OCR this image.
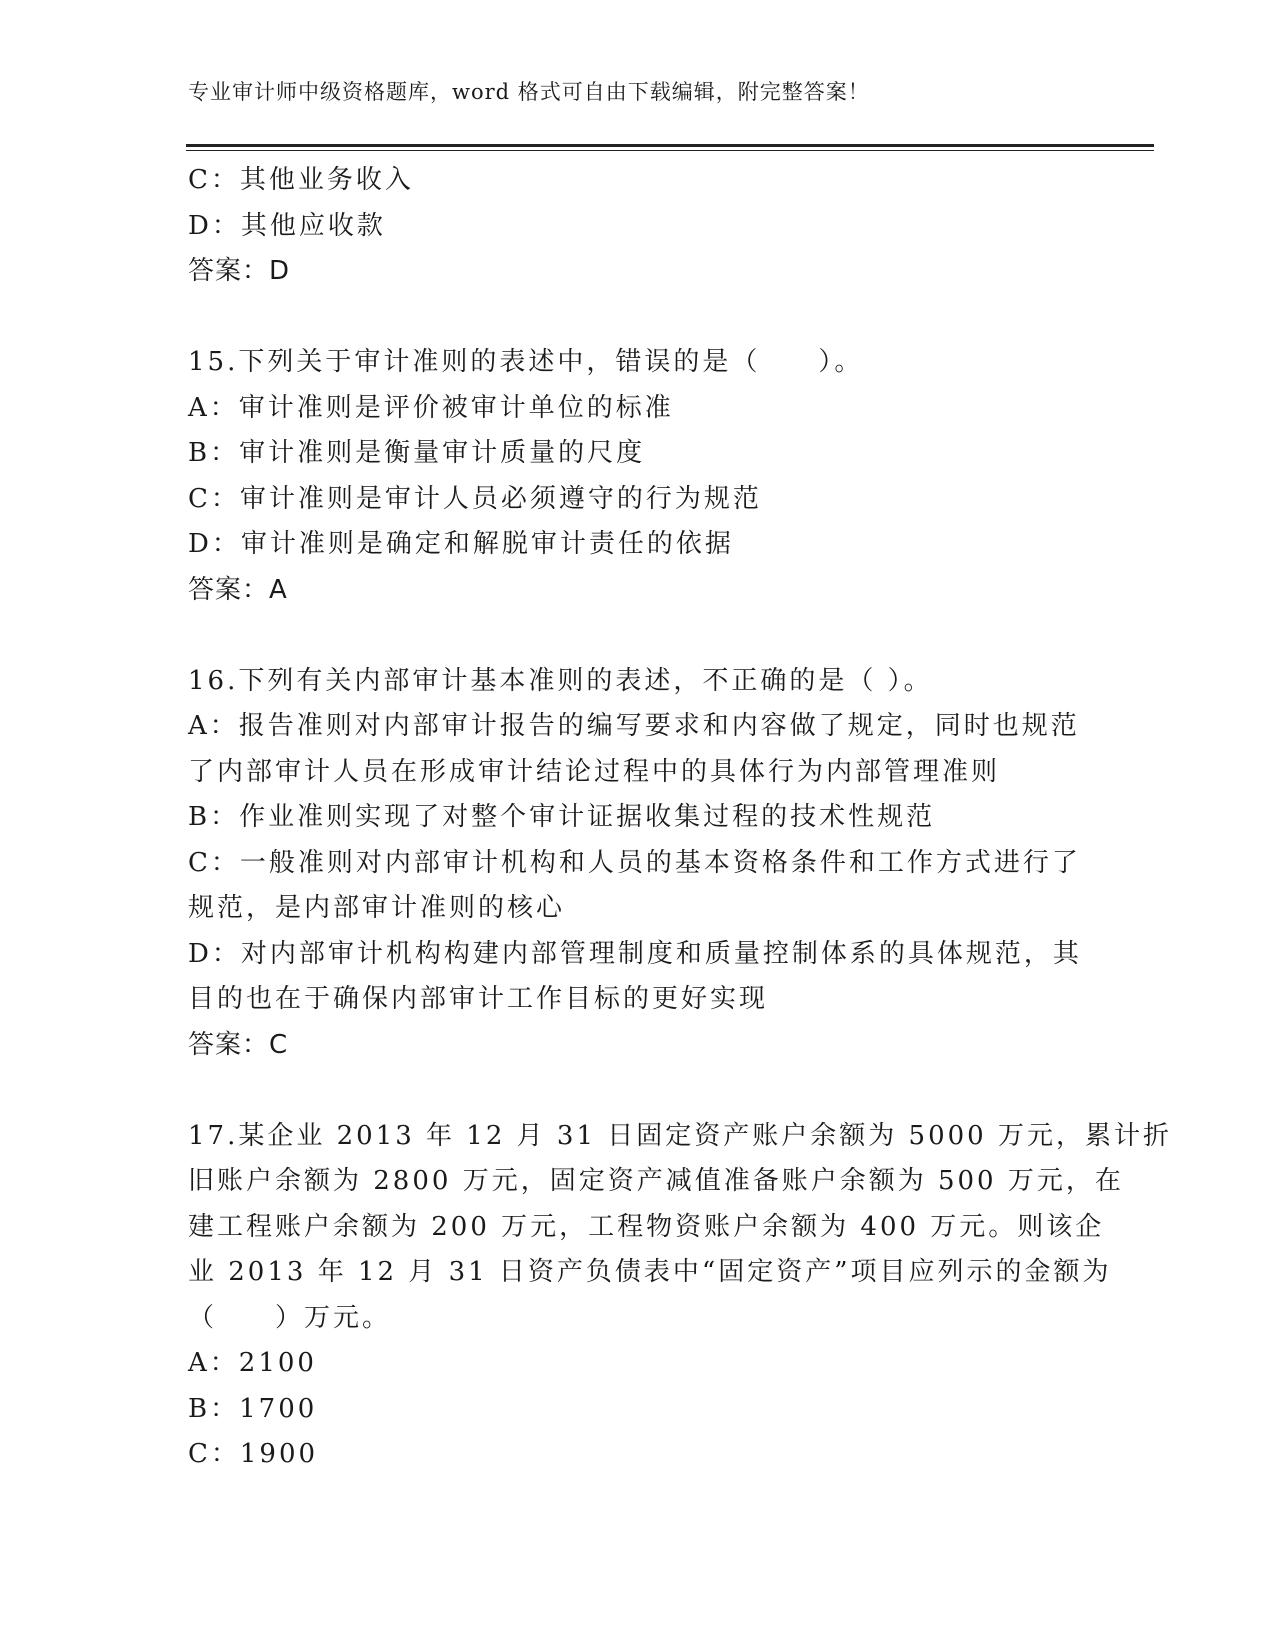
专业审计师中级资格题库，word 格式可自由下载编辑，附完整答案！
C：其他业务收入
D：其他应收款
答案：D
15.下列关于审计准则的表述中，错误的是（　　）。
A：审计准则是评价被审计单位的标准
B：审计准则是衡量审计质量的尺度
C：审计准则是审计人员必须遵守的行为规范
D：审计准则是确定和解脱审计责任的依据
答案：A
16.下列有关内部审计基本准则的表述，不正确的是（ ）。
A：报告准则对内部审计报告的编写要求和内容做了规定，同时也规范
了内部审计人员在形成审计结论过程中的具体行为内部管理准则
B：作业准则实现了对整个审计证据收集过程的技术性规范
C：一般准则对内部审计机构和人员的基本资格条件和工作方式进行了
规范，是内部审计准则的核心
D：对内部审计机构构建内部管理制度和质量控制体系的具体规范，其
目的也在于确保内部审计工作目标的更好实现
答案：C
17.某企业 2013 年 12 月 31 日固定资产账户余额为 5000 万元，累计折
旧账户余额为 2800 万元，固定资产减值准备账户余额为 500 万元，在
建工程账户余额为 200 万元，工程物资账户余额为 400 万元。则该企
业 2013 年 12 月 31 日资产负债表中“固定资产”项目应列示的金额为
（　　）万元。
A：2100
B：1700
C：1900
